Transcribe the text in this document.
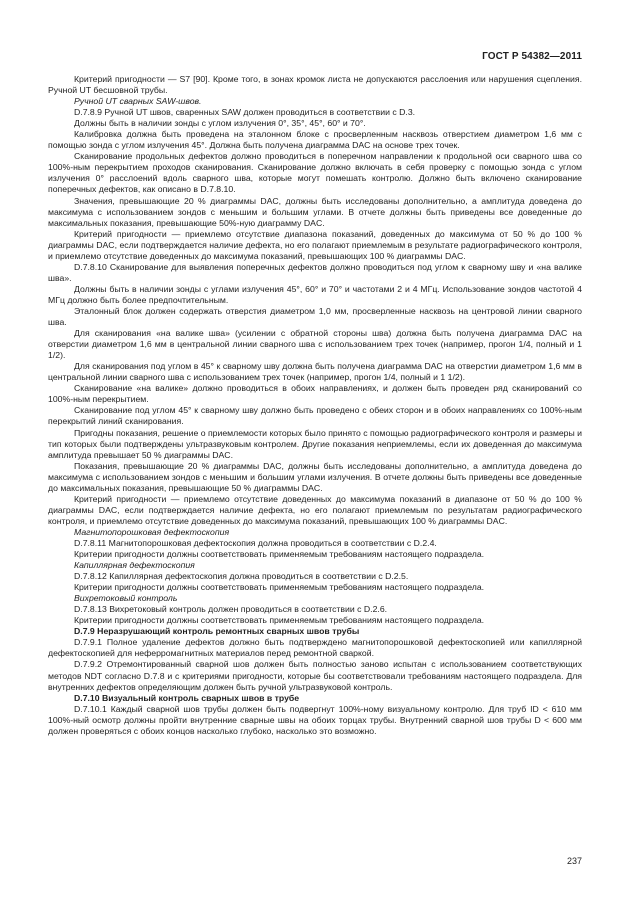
ГОСТ Р 54382—2011

Критерий пригодности — S7 [90]. Кроме того, в зонах кромок листа не допускаются расслоения или нарушения сцепления. Ручной UT бесшовной трубы.

Ручной UT сварных SAW-швов.

D.7.8.9 Ручной UT швов, сваренных SAW должен проводиться в соответствии с D.3.

Должны быть в наличии зонды с углом излучения 0°, 35°, 45°, 60° и 70°.

Калибровка должна быть проведена на эталонном блоке с просверленным насквозь отверстием диаметром 1,6 мм с помощью зонда с углом излучения 45°. Должна быть получена диаграмма DAC на основе трех точек.

Сканирование продольных дефектов должно проводиться в поперечном направлении к продольной оси сварного шва со 100%-ным перекрытием проходов сканирования. Сканирование должно включать в себя проверку с помощью зонда с углом излучения 0° расслоений вдоль сварного шва, которые могут помешать контролю. Должно быть включено сканирование поперечных дефектов, как описано в D.7.8.10.

Значения, превышающие 20 % диаграммы DAC, должны быть исследованы дополнительно, а амплитуда доведена до максимума с использованием зондов с меньшим и большим углами. В отчете должны быть приведены все доведенные до максимальных показания, превышающие 50%-ную диаграмму DAC.

Критерий пригодности — приемлемо отсутствие диапазона показаний, доведенных до максимума от 50 % до 100 % диаграммы DAC, если подтверждается наличие дефекта, но его полагают приемлемым в результате радиографического контроля, и приемлемо отсутствие доведенных до максимума показаний, превышающих 100 % диаграммы DAC.

D.7.8.10 Сканирование для выявления поперечных дефектов должно проводиться под углом к сварному шву и «на валике шва».

Должны быть в наличии зонды с углами излучения 45°, 60° и 70° и частотами 2 и 4 МГц. Использование зондов частотой 4 МГц должно быть более предпочтительным.

Эталонный блок должен содержать отверстия диаметром 1,0 мм, просверленные насквозь на центровой линии сварного шва.

Для сканирования «на валике шва» (усилении с обратной стороны шва) должна быть получена диаграмма DAC на отверстии диаметром 1,6 мм в центральной линии сварного шва с использованием трех точек (например, прогон 1/4, полный и 1 1/2).

Для сканирования под углом в 45° к сварному шву должна быть получена диаграмма DAC на отверстии диаметром 1,6 мм в центральной линии сварного шва с использованием трех точек (например, прогон 1/4, полный и 1 1/2).

Сканирование «на валике» должно проводиться в обоих направлениях, и должен быть проведен ряд сканирований со 100%-ным перекрытием.

Сканирование под углом 45° к сварному шву должно быть проведено с обеих сторон и в обоих направлениях со 100%-ным перекрытий линий сканирования.

Пригодны показания, решение о приемлемости которых было принято с помощью радиографического контроля и размеры и тип которых были подтверждены ультразвуковым контролем. Другие показания неприемлемы, если их доведенная до максимума амплитуда превышает 50 % диаграммы DAC.

Показания, превышающие 20 % диаграммы DAC, должны быть исследованы дополнительно, а амплитуда доведена до максимума с использованием зондов с меньшим и большим углами излучения. В отчете должны быть приведены все доведенные до максимальных показания, превышающие 50 % диаграммы DAC.

Критерий пригодности — приемлемо отсутствие доведенных до максимума показаний в диапазоне от 50 % до 100 % диаграммы DAC, если подтверждается наличие дефекта, но его полагают приемлемым по результатам радиографического контроля, и приемлемо отсутствие доведенных до максимума показаний, превышающих 100 % диаграммы DAC.

Магнитопорошковая дефектоскопия

D.7.8.11 Магнитопорошковая дефектоскопия должна проводиться в соответствии с D.2.4.

Критерии пригодности должны соответствовать применяемым требованиям настоящего подраздела.

Капиллярная дефектоскопия

D.7.8.12 Капиллярная дефектоскопия должна проводиться в соответствии с D.2.5.

Критерии пригодности должны соответствовать применяемым требованиям настоящего подраздела.

Вихретоковый контроль

D.7.8.13 Вихретоковый контроль должен проводиться в соответствии с D.2.6.

Критерии пригодности должны соответствовать применяемым требованиям настоящего подраздела.

D.7.9 Неразрушающий контроль ремонтных сварных швов трубы

D.7.9.1 Полное удаление дефектов должно быть подтверждено магнитопорошковой дефектоскопией или капиллярной дефектоскопией для неферромагнитных материалов перед ремонтной сваркой.

D.7.9.2 Отремонтированный сварной шов должен быть полностью заново испытан с использованием соответствующих методов NDT согласно D.7.8 и с критериями пригодности, которые бы соответствовали требованиям настоящего подраздела. Для внутренних дефектов определяющим должен быть ручной ультразвуковой контроль.

D.7.10 Визуальный контроль сварных швов в трубе

D.7.10.1 Каждый сварной шов трубы должен быть подвергнут 100%-ному визуальному контролю. Для труб ID < 610 мм 100%-ный осмотр должны пройти внутренние сварные швы на обоих торцах трубы. Внутренний сварной шов трубы D < 600 мм должен проверяться с обоих концов насколько глубоко, насколько это возможно.

237
